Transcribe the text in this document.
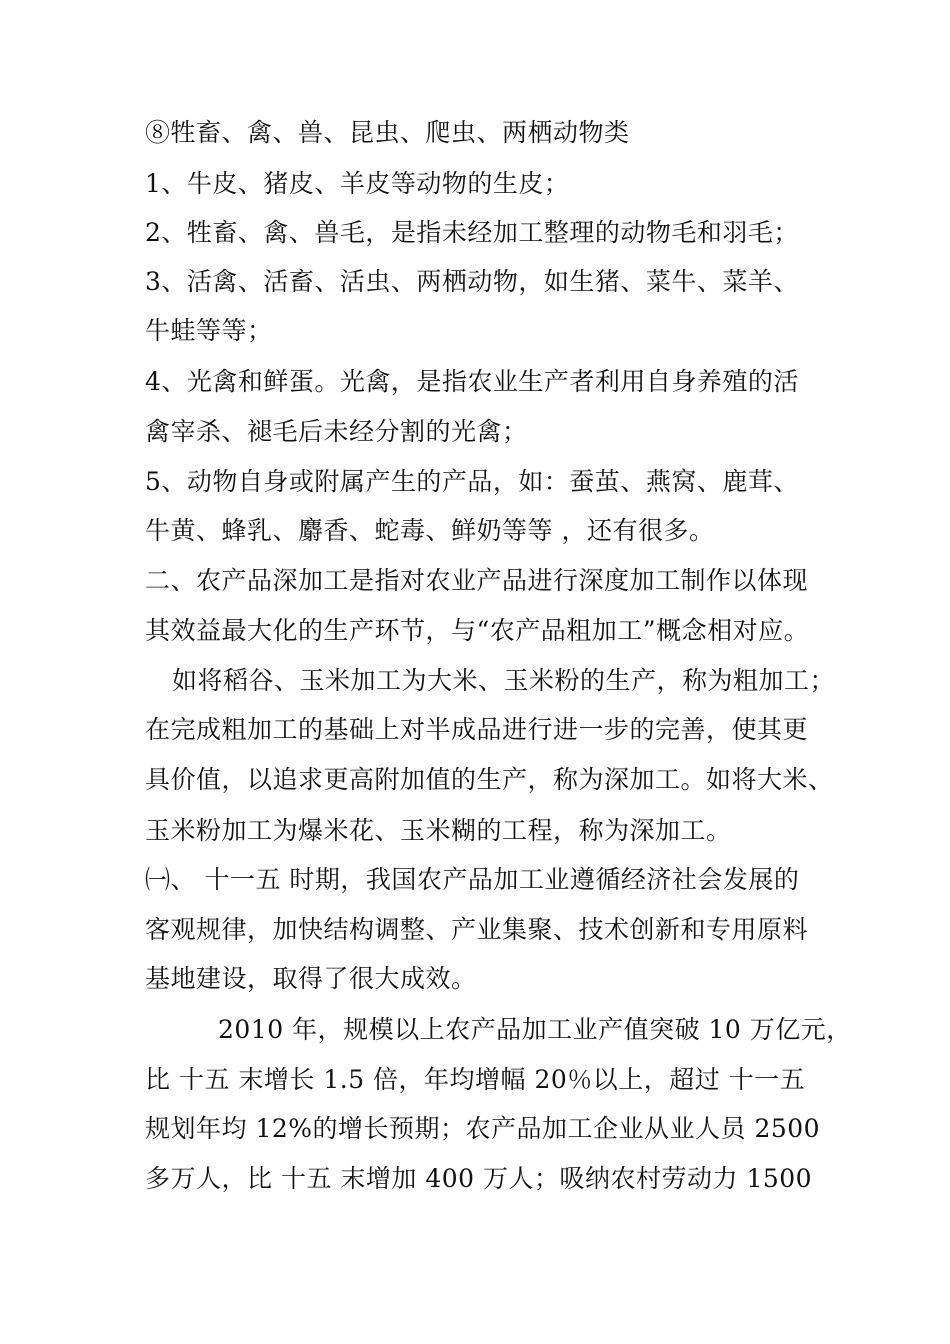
⑧牲畜、禽、兽、昆虫、爬虫、两栖动物类
1、牛皮、猪皮、羊皮等动物的生皮；
2、牲畜、禽、兽毛，是指未经加工整理的动物毛和羽毛；
3、活禽、活畜、活虫、两栖动物，如生猪、菜牛、菜羊、
牛蛙等等；
4、光禽和鲜蛋。光禽，是指农业生产者利用自身养殖的活
禽宰杀、褪毛后未经分割的光禽；
5、动物自身或附属产生的产品，如：蚕茧、燕窝、鹿茸、
牛黄、蜂乳、麝香、蛇毒、鲜奶等等 ，还有很多。
二、农产品深加工是指对农业产品进行深度加工制作以体现
其效益最大化的生产环节，与“农产品粗加工”概念相对应。
如将稻谷、玉米加工为大米、玉米粉的生产，称为粗加工；
在完成粗加工的基础上对半成品进行进一步的完善，使其更
具价值，以追求更高附加值的生产，称为深加工。如将大米、
玉米粉加工为爆米花、玉米糊的工程，称为深加工。
㈠、 十一五 时期，我国农产品加工业遵循经济社会发展的
客观规律，加快结构调整、产业集聚、技术创新和专用原料
基地建设，取得了很大成效。
2010 年，规模以上农产品加工业产值突破 10 万亿元，
比 十五 末增长 1.5 倍，年均增幅 20％以上，超过 十一五
规划年均 12%的增长预期；农产品加工企业从业人员 2500
多万人，比 十五 末增加 400 万人；吸纳农村劳动力 1500
